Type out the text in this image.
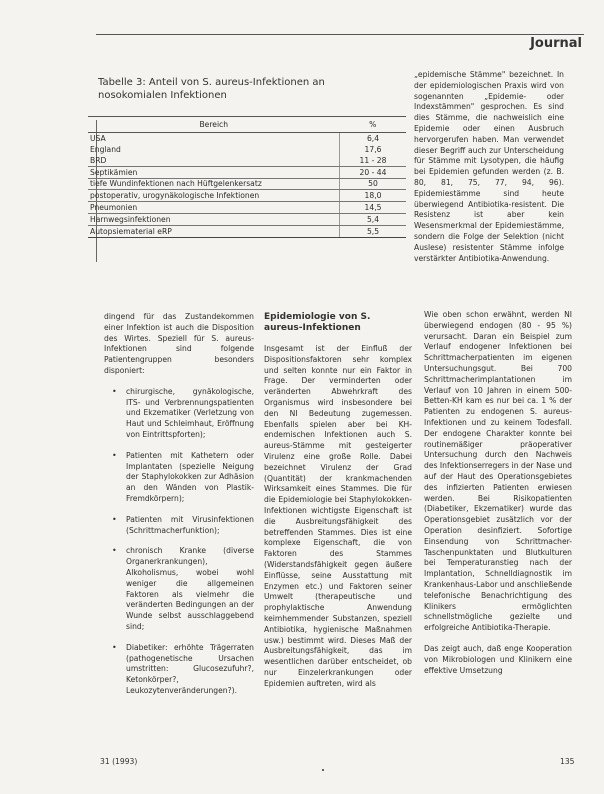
Journal
Tabelle 3: Anteil von S. aureus-Infektionen an
nosokomialen Infektionen
Bereich	%
USA	6,4
England	17,6
BRD	11 - 28
Septikämien	20 - 44
tiefe Wundinfektionen nach Hüftgelenkersatz	50
postoperativ, urogynäkologische Infektionen	18,0
Pneumonien	14,5
Harnwegsinfektionen	5,4
Autopsiematerial eRP	5,5

„epidemische Stämme" bezeichnet. In der epidemiologischen Praxis wird von sogenannten „Epidemie- oder Indexstämmen" gesprochen. Es sind dies Stämme, die nachweislich eine Epidemie oder einen Ausbruch hervorgerufen haben. Man verwendet dieser Begriff auch zur Unterscheidung für Stämme mit Lysotypen, die häufig bei Epidemien gefunden werden (z. B. 80, 81, 75, 77, 94, 96). Epidemiestämme sind heute überwiegend Antibiotika-resistent. Die Resistenz ist aber kein Wesensmerkmal der Epidemiestämme, sondern die Folge der Selektion (nicht Auslese) resistenter Stämme infolge verstärkter Antibiotika-Anwendung.

dingend für das Zustandekommen einer Infektion ist auch die Disposition des Wirtes. Speziell für S. aureus-Infektionen sind folgende Patientengruppen besonders disponiert:

• chirurgische, gynäkologische, ITS- und Verbrennungspatienten und Ekzematiker (Verletzung von Haut und Schleimhaut, Eröffnung von Eintrittspforten);
• Patienten mit Kathetern oder Implantaten (spezielle Neigung der Staphylokokken zur Adhäsion an den Wänden von Plastik-Fremdkörpern);
• Patienten mit Virusinfektionen (Schrittmacherfunktion);
• chronisch Kranke (diverse Organerkrankungen), Alkoholismus, wobei wohl weniger die allgemeinen Faktoren als vielmehr die veränderten Bedingungen an der Wunde selbst ausschlaggebend sind;
• Diabetiker: erhöhte Trägerraten (pathogenetische Ursachen umstritten: Glucosezufuhr?, Ketonkörper?, Leukozytenveränderungen?).
Epidemiologie von S. aureus-Infektionen

Insgesamt ist der Einfluß der Dispositionsfaktoren sehr komplex und selten konnte nur ein Faktor in Frage. Der verminderten oder veränderten Abwehrkraft des Organismus wird insbesondere bei den NI Bedeutung zugemessen. Ebenfalls spielen aber bei KH-endemischen Infektionen auch S. aureus-Stämme mit gesteigerter Virulenz eine große Rolle. Dabei bezeichnet Virulenz der Grad (Quantität) der krankmachenden Wirksamkeit eines Stammes. Die für die Epidemiologie bei Staphylokokken-Infektionen wichtigste Eigenschaft ist die Ausbreitungsfähigkeit des betreffenden Stammes. Dies ist eine komplexe Eigenschaft, die von Faktoren des Stammes (Widerstandsfähigkeit gegen äußere Einflüsse, seine Ausstattung mit Enzymen etc.) und Faktoren seiner Umwelt (therapeutische und prophylaktische Anwendung keimhemmender Substanzen, speziell Antibiotika, hygienische Maßnahmen usw.) bestimmt wird. Dieses Maß der Ausbreitungsfähigkeit, das im wesentlichen darüber entscheidet, ob nur Einzelerkrankungen oder Epidemien auftreten, wird als

Wie oben schon erwähnt, werden NI überwiegend endogen (80 - 95 %) verursacht. Daran ein Beispiel zum Verlauf endogener Infektionen bei Schrittmacherpatienten im eigenen Untersuchungsgut. Bei 700 Schrittmacherimplantationen im Verlauf von 10 Jahren in einem 500-Betten-KH kam es nur bei ca. 1 % der Patienten zu endogenen S. aureus-Infektionen und zu keinem Todesfall. Der endogene Charakter konnte bei routinemäßiger präoperativer Untersuchung durch den Nachweis des Infektionserregers in der Nase und auf der Haut des Operationsgebietes des infizierten Patienten erwiesen werden. Bei Risikopatienten (Diabetiker, Ekzematiker) wurde das Operationsgebiet zusätzlich vor der Operation desinfiziert. Sofortige Einsendung von Schrittmacher-Taschenpunktaten und Blutkulturen bei Temperaturanstieg nach der Implantation, Schnelldiagnostik im Krankenhaus-Labor und anschließende telefonische Benachrichtigung des Klinikers ermöglichten schnellstmögliche gezielte und erfolgreiche Antibiotika-Therapie.

Das zeigt auch, daß enge Kooperation von Mikrobiologen und Klinikern eine effektive Umsetzung

31 (1993)	135
